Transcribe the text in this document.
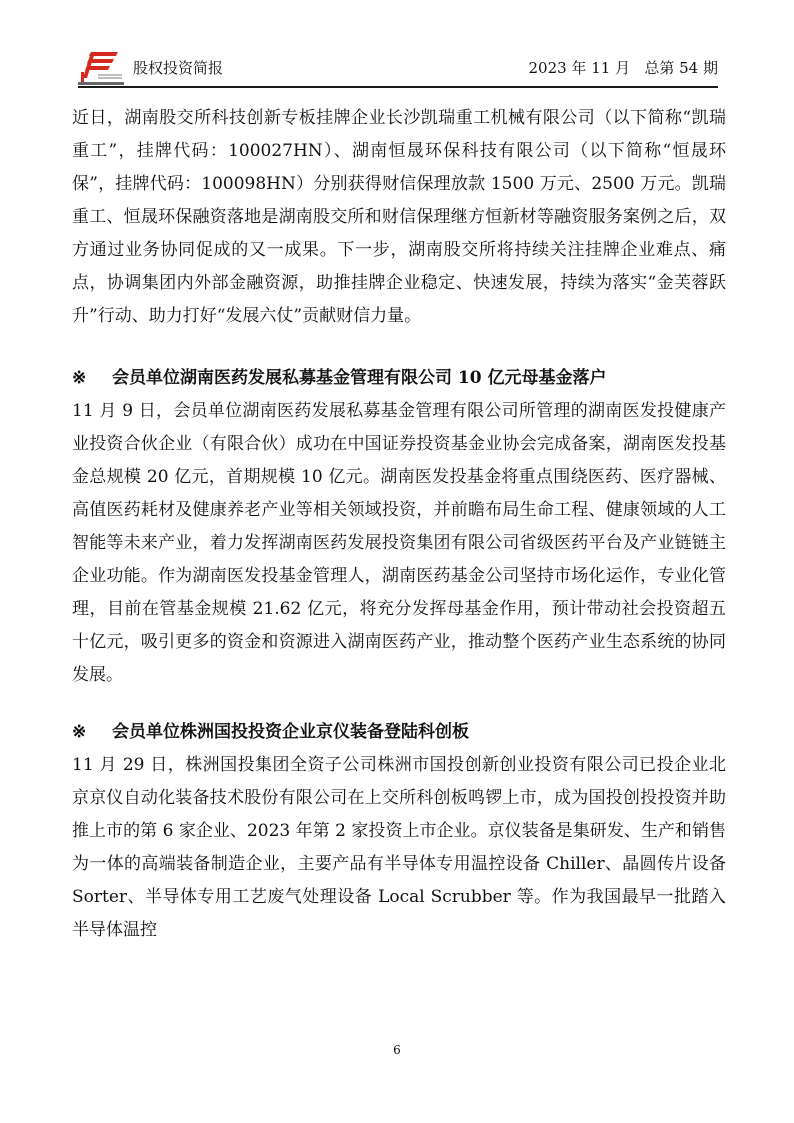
股权投资简报	2023 年 11 月   总第 54 期

近日，湖南股交所科技创新专板挂牌企业长沙凯瑞重工机械有限公司（以下简称“凯瑞重工”，挂牌代码：100027HN）、湖南恒晟环保科技有限公司（以下简称“恒晟环保”，挂牌代码：100098HN）分别获得财信保理放款 1500 万元、2500 万元。凯瑞重工、恒晟环保融资落地是湖南股交所和财信保理继方恒新材等融资服务案例之后，双方通过业务协同促成的又一成果。下一步，湖南股交所将持续关注挂牌企业难点、痛点，协调集团内外部金融资源，助推挂牌企业稳定、快速发展，持续为落实“金芙蓉跃升”行动、助力打好“发展六仗”贡献财信力量。

※ 会员单位湖南医药发展私募基金管理有限公司 10 亿元母基金落户

11 月 9 日，会员单位湖南医药发展私募基金管理有限公司所管理的湖南医发投健康产业投资合伙企业（有限合伙）成功在中国证券投资基金业协会完成备案，湖南医发投基金总规模 20 亿元，首期规模 10 亿元。湖南医发投基金将重点围绕医药、医疗器械、高值医药耗材及健康养老产业等相关领域投资，并前瞻布局生命工程、健康领域的人工智能等未来产业，着力发挥湖南医药发展投资集团有限公司省级医药平台及产业链链主企业功能。作为湖南医发投基金管理人，湖南医药基金公司坚持市场化运作，专业化管理，目前在管基金规模 21.62 亿元，将充分发挥母基金作用，预计带动社会投资超五十亿元，吸引更多的资金和资源进入湖南医药产业，推动整个医药产业生态系统的协同发展。

※ 会员单位株洲国投投资企业京仪装备登陆科创板

11 月 29 日，株洲国投集团全资子公司株洲市国投创新创业投资有限公司已投企业北京京仪自动化装备技术股份有限公司在上交所科创板鸣锣上市，成为国投创投投资并助推上市的第 6 家企业、2023 年第 2 家投资上市企业。京仪装备是集研发、生产和销售为一体的高端装备制造企业，主要产品有半导体专用温控设备 Chiller、晶圆传片设备 Sorter、半导体专用工艺废气处理设备 Local Scrubber 等。作为我国最早一批踏入半导体温控

6
